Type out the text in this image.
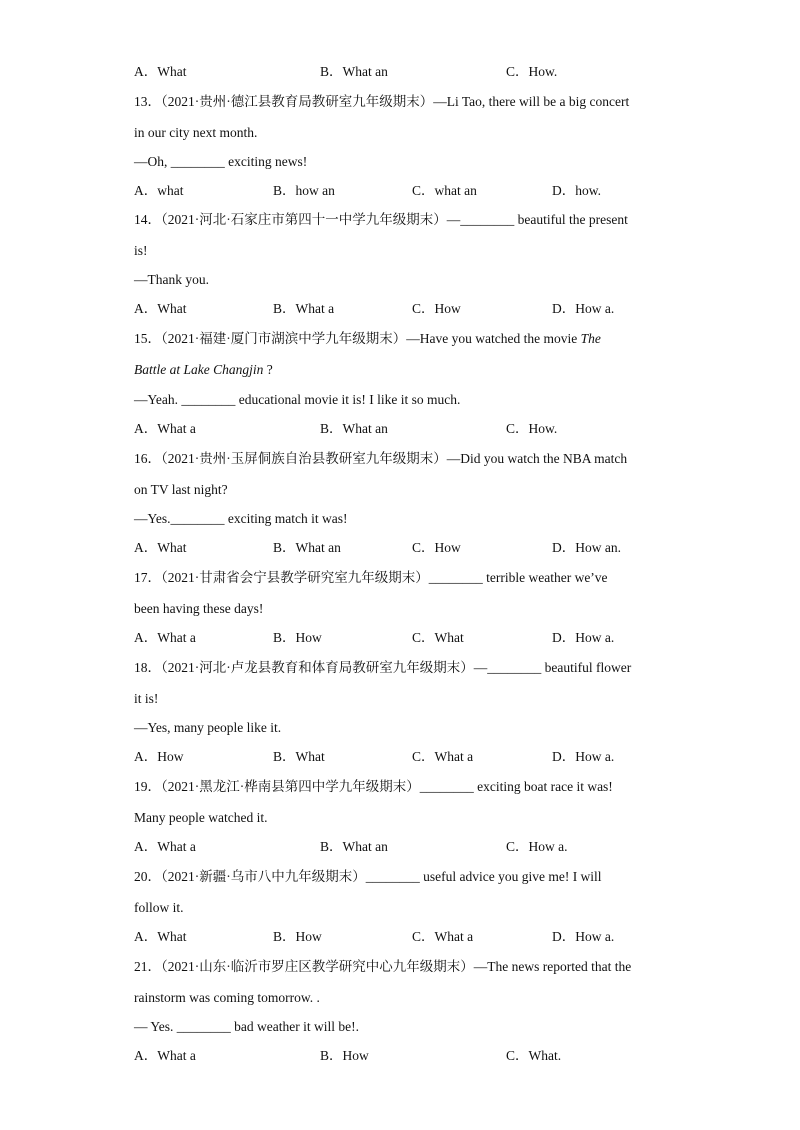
A．What	B．What an	C．How.
13．（2021·贵州·德江县教育局教研室九年级期末）—Li Tao, there will be a big concert
in our city next month.
—Oh, ________ exciting news!
A．what	B．how an	C．what an	D．how.
14．（2021·河北·石家庄市第四十一中学九年级期末）—________ beautiful the present
is!
—Thank you.
A．What	B．What a	C．How	D．How a.
15．（2021·福建·厦门市湖滨中学九年级期末）—Have you watched the movie The
Battle at Lake Changjin ?
—Yeah. ________ educational movie it is! I like it so much.
A．What a	B．What an	C．How.
16．（2021·贵州·玉屏侗族自治县教研室九年级期末）—Did you watch the NBA match
on TV last night?
—Yes.________ exciting match it was!
A．What	B．What an	C．How	D．How an.
17．（2021·甘肃省会宁县教学研究室九年级期末）________ terrible weather we’ve
been having these days!
A．What a	B．How	C．What	D．How a.
18．（2021·河北·卢龙县教育和体育局教研室九年级期末）—________ beautiful flower
it is!
—Yes, many people like it.
A．How	B．What	C．What a	D．How a.
19．（2021·黑龙江·桦南县第四中学九年级期末）________ exciting boat race it was!
Many people watched it.
A．What a	B．What an	C．How a.
20．（2021·新疆·乌市八中九年级期末）________ useful advice you give me! I will
follow it.
A．What	B．How	C．What a	D．How a.
21．（2021·山东·临沂市罗庄区教学研究中心九年级期末）—The news reported that the
rainstorm was coming tomorrow. .
— Yes. ________ bad weather it will be!.
A．What a	B．How	C．What.
